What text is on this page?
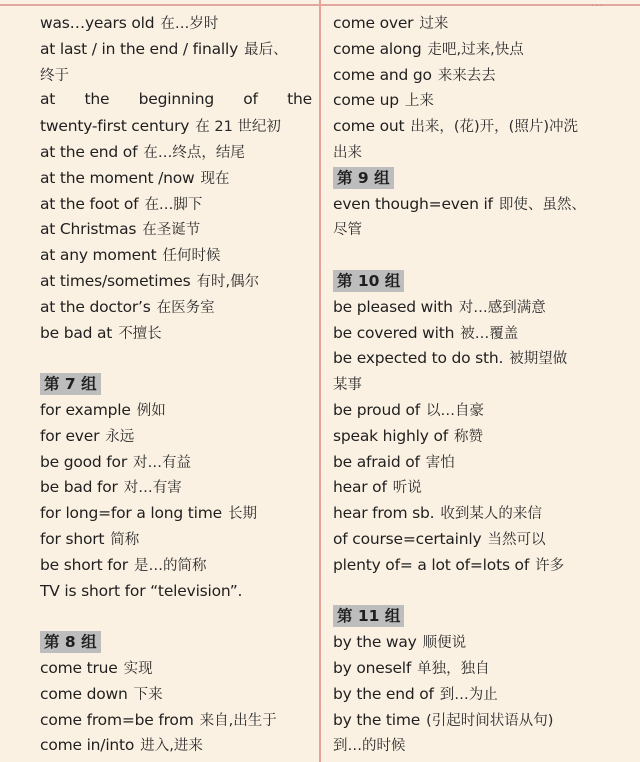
...
was…years old 在…岁时
at last / in the end / finally 最后、
终于
at the beginning of the
twenty-first century 在 21 世纪初
at the end of 在…终点，结尾
at the moment /now 现在
at the foot of 在…脚下
at Christmas 在圣诞节
at any moment 任何时候
at times/sometimes 有时,偶尔
at the doctor’s 在医务室
be bad at 不擅长
第 7 组
for example 例如
for ever 永远
be good for 对…有益
be bad for 对…有害
for long=for a long time 长期
for short 简称
be short for 是…的简称
TV is short for “television”.
第 8 组
come true 实现
come down 下来
come from=be from 来自,出生于
come in/into 进入,进来
come over 过来
come along 走吧,过来,快点
come and go 来来去去
come up 上来
come out 出来，(花)开，(照片)冲洗
出来
第 9 组
even though=even if 即使、虽然、
尽管
第 10 组
be pleased with 对…感到满意
be covered with 被…覆盖
be expected to do sth. 被期望做
某事
be proud of 以…自豪
speak highly of 称赞
be afraid of 害怕
hear of 听说
hear from sb. 收到某人的来信
of course=certainly 当然可以
plenty of= a lot of=lots of 许多
第 11 组
by the way 顺便说
by oneself 单独，独自
by the end of 到…为止
by the time (引起时间状语从句)
到…的时候
